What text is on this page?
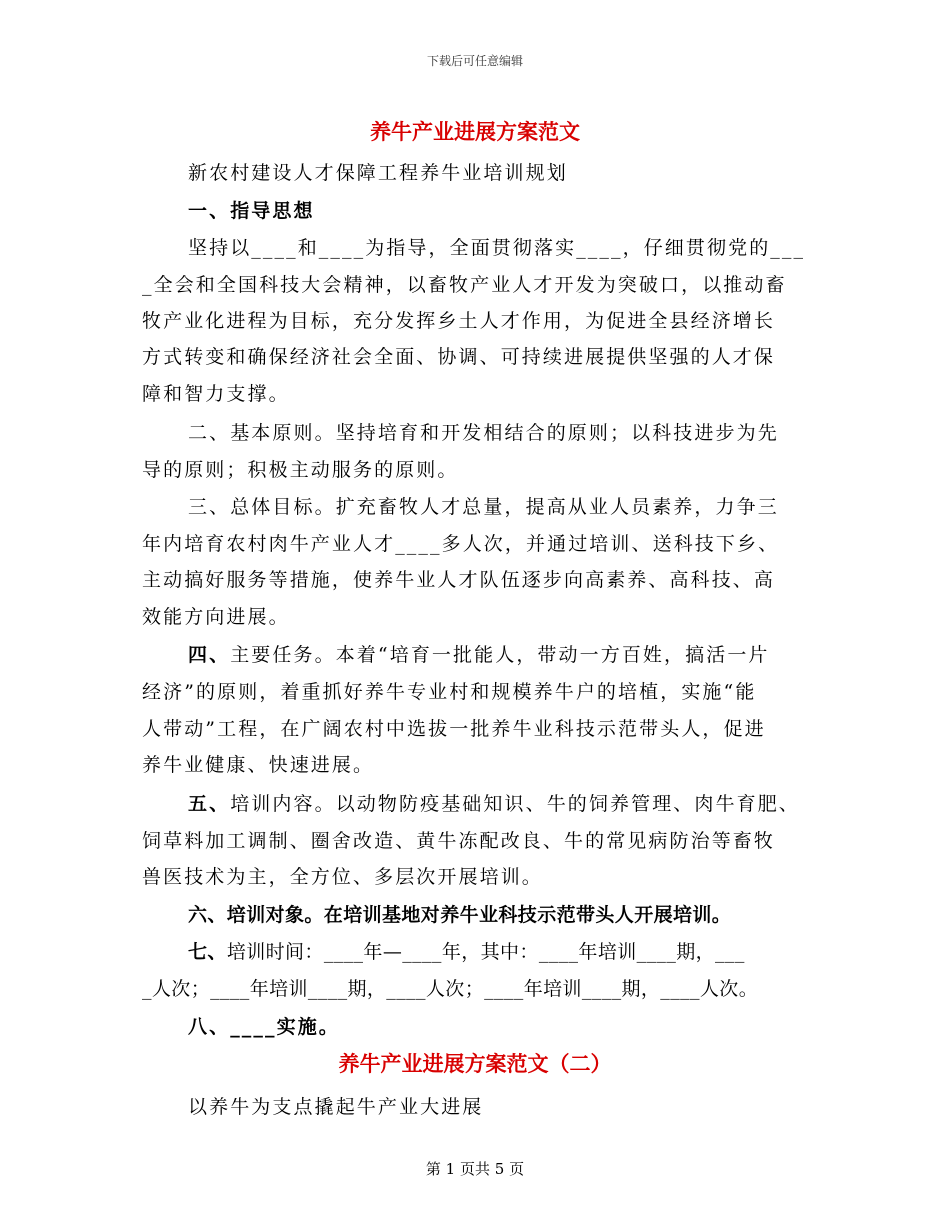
下载后可任意编辑
养牛产业进展方案范文
新农村建设人才保障工程养牛业培训规划
一、指导思想
坚持以____和____为指导，全面贯彻落实____，仔细贯彻党的___
_全会和全国科技大会精神，以畜牧产业人才开发为突破口，以推动畜
牧产业化进程为目标，充分发挥乡土人才作用，为促进全县经济增长
方式转变和确保经济社会全面、协调、可持续进展提供坚强的人才保
障和智力支撑。
二、基本原则。坚持培育和开发相结合的原则；以科技进步为先
导的原则；积极主动服务的原则。
三、总体目标。扩充畜牧人才总量，提高从业人员素养，力争三
年内培育农村肉牛产业人才____多人次，并通过培训、送科技下乡、
主动搞好服务等措施，使养牛业人才队伍逐步向高素养、高科技、高
效能方向进展。
四、主要任务。本着“培育一批能人，带动一方百姓，搞活一片
经济”的原则，着重抓好养牛专业村和规模养牛户的培植，实施“能
人带动”工程，在广阔农村中选拔一批养牛业科技示范带头人，促进
养牛业健康、快速进展。
五、培训内容。以动物防疫基础知识、牛的饲养管理、肉牛育肥、
饲草料加工调制、圈舍改造、黄牛冻配改良、牛的常见病防治等畜牧
兽医技术为主，全方位、多层次开展培训。
六、培训对象。在培训基地对养牛业科技示范带头人开展培训。
七、培训时间：____年—____年，其中：____年培训____期，___
_人次；____年培训____期，____人次；____年培训____期，____人次。
八、____实施。
养牛产业进展方案范文（二）
以养牛为支点撬起牛产业大进展
第 1 页共 5 页
